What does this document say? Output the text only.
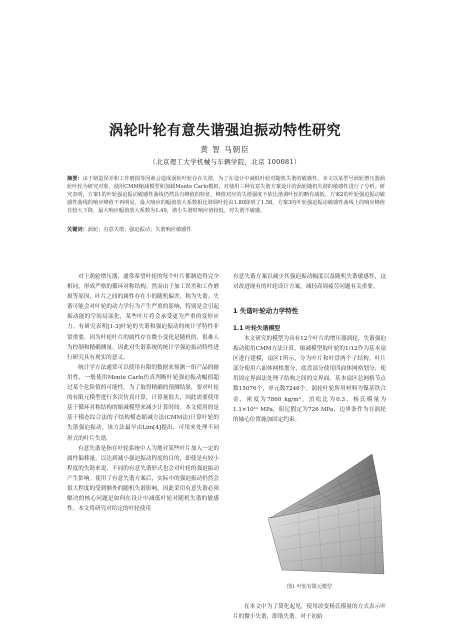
涡轮叶轮有意失谐强迫振动特性研究
黄 智 马朝臣
（北京理工大学机械与车辆学院，北京 100081）
摘要：由于制造误差和工作磨损等因素会造成涡轮叶轮存在失谐，为了在设计中减低叶轮对随机失谐的敏感性，本文以某型号涡轮增压器涡轮叶轮为研究对象，使用CMM缩减模型和加载Monte Carlo模拟，对使用三种有意失谐方案设计的涡轮随机失谐的敏感性进行了分析。研究表明，方案1的叶轮强迫振动敏感性曲线仍然具有峰值的特征，峰值对应的失谐强度不依比谐调叶轮的略有减低。方案2的叶轮强迫振动敏感性曲线的响应峰值不再明显，最大响应的幅值放大系数相比谐调叶轮由1.80降到了1.58。方案3的叶轮强迫振动敏感性曲线上的响应峰值有较大下降，最大响应幅值放大系数为1.49，谐小失谐时响应值较低，对失谐不敏感。
关键词：涡轮；有意失谐；强迫振动；失谐响应敏感性

对于涡轮增压器，通常希望叶轮的每个叶片都制造得完全相同，形成严格的循环对称结构。然而由于加工误差和工作磨损等原因，叶片之间的属性存在小的随机偏差，称为失谐。失谐可能会对叶轮的动力学行为产生严重的影响，特别是会引起振动能的空间局部化，某些叶片将会承受更为严重的变形应力。有研究表明[1-3]叶轮的失谐和强迫振动的统计学特性非常重要，因为叶轮叶片的属性存在微小变化是随机的，很难人为控制和精确测量。因此对失谐系统的统计学强迫振动特性进行研究具有现实的意义。

统计学方法通常可以使用有限的数据来预测一组产品的耐用性，一般使用Monte Carlo仿真判断叶轮强迫振动幅值超过某个危险值的可能性。为了取得精确的预测结果，要对叶轮的有限元模型进行多次仿真计算，计算量很大，因此需要使用基于循环对称结构的缩减模型来减少计算时间。本文使用的是基于模态综合法的子结构模态缩减方法(CMM法)计算叶轮的失谐强迫振动。该方法最早由Lim[4]提出，可用来处理不同形式的叶片失谐。

有意失谐是指在叶轮系统中人为地对某些叶片加入一定的属性偏移量，以达到减小强迫振动程度的目的，即使是有较小程度的失谐来说，不同的有意失谐形式也会对叶轮的强迫振动产生影响。使用了有意失谐方案后，实际中的强迫振动仍然会很大程度的受到额外的随机失谐影响，因此采用有意失谐必须解决的核心问题是如何在设计中减低叶轮对随机失谐的敏感性。本文将研究对给定的叶轮使用

有意失谐方案以减少其强迫振动幅度以及随机失谐敏感性，这对改进现有的叶轮设计方案，减轻高周疲劳问题有关重要。

1 失谐叶轮动力学特性
1.1 叶轮失谐模型

本文研究的模型为具有12个叶片的增压器涡轮，失谐强迫振动使用CMM方法计算。缩减模型取叶轮的1/12作为基本扇区进行建模，扇区1所示，分为叶片和叶盘两个子结构。叶片部分使用六面体网格划分，底盘部分使用四面体网格划分，使用固定界面法处理子结构之间的交界面。基本扇区总网格节点数15076个，单元数7246个。涡轮叶轮所用材料为镍基铁合金，密度为7860 kg/m³，泊松比为0.3，杨氏模量为1.1×10¹¹ MPa，阻尼假定为726 MPa，边界条件为在涡轮的轴心位置施加固定约束。

图1 叶轮有限元模型

在本文中为了简化起见，使用改变杨氏模量的方式表示叶片的微小失谐，即谐失谐。对于初始
